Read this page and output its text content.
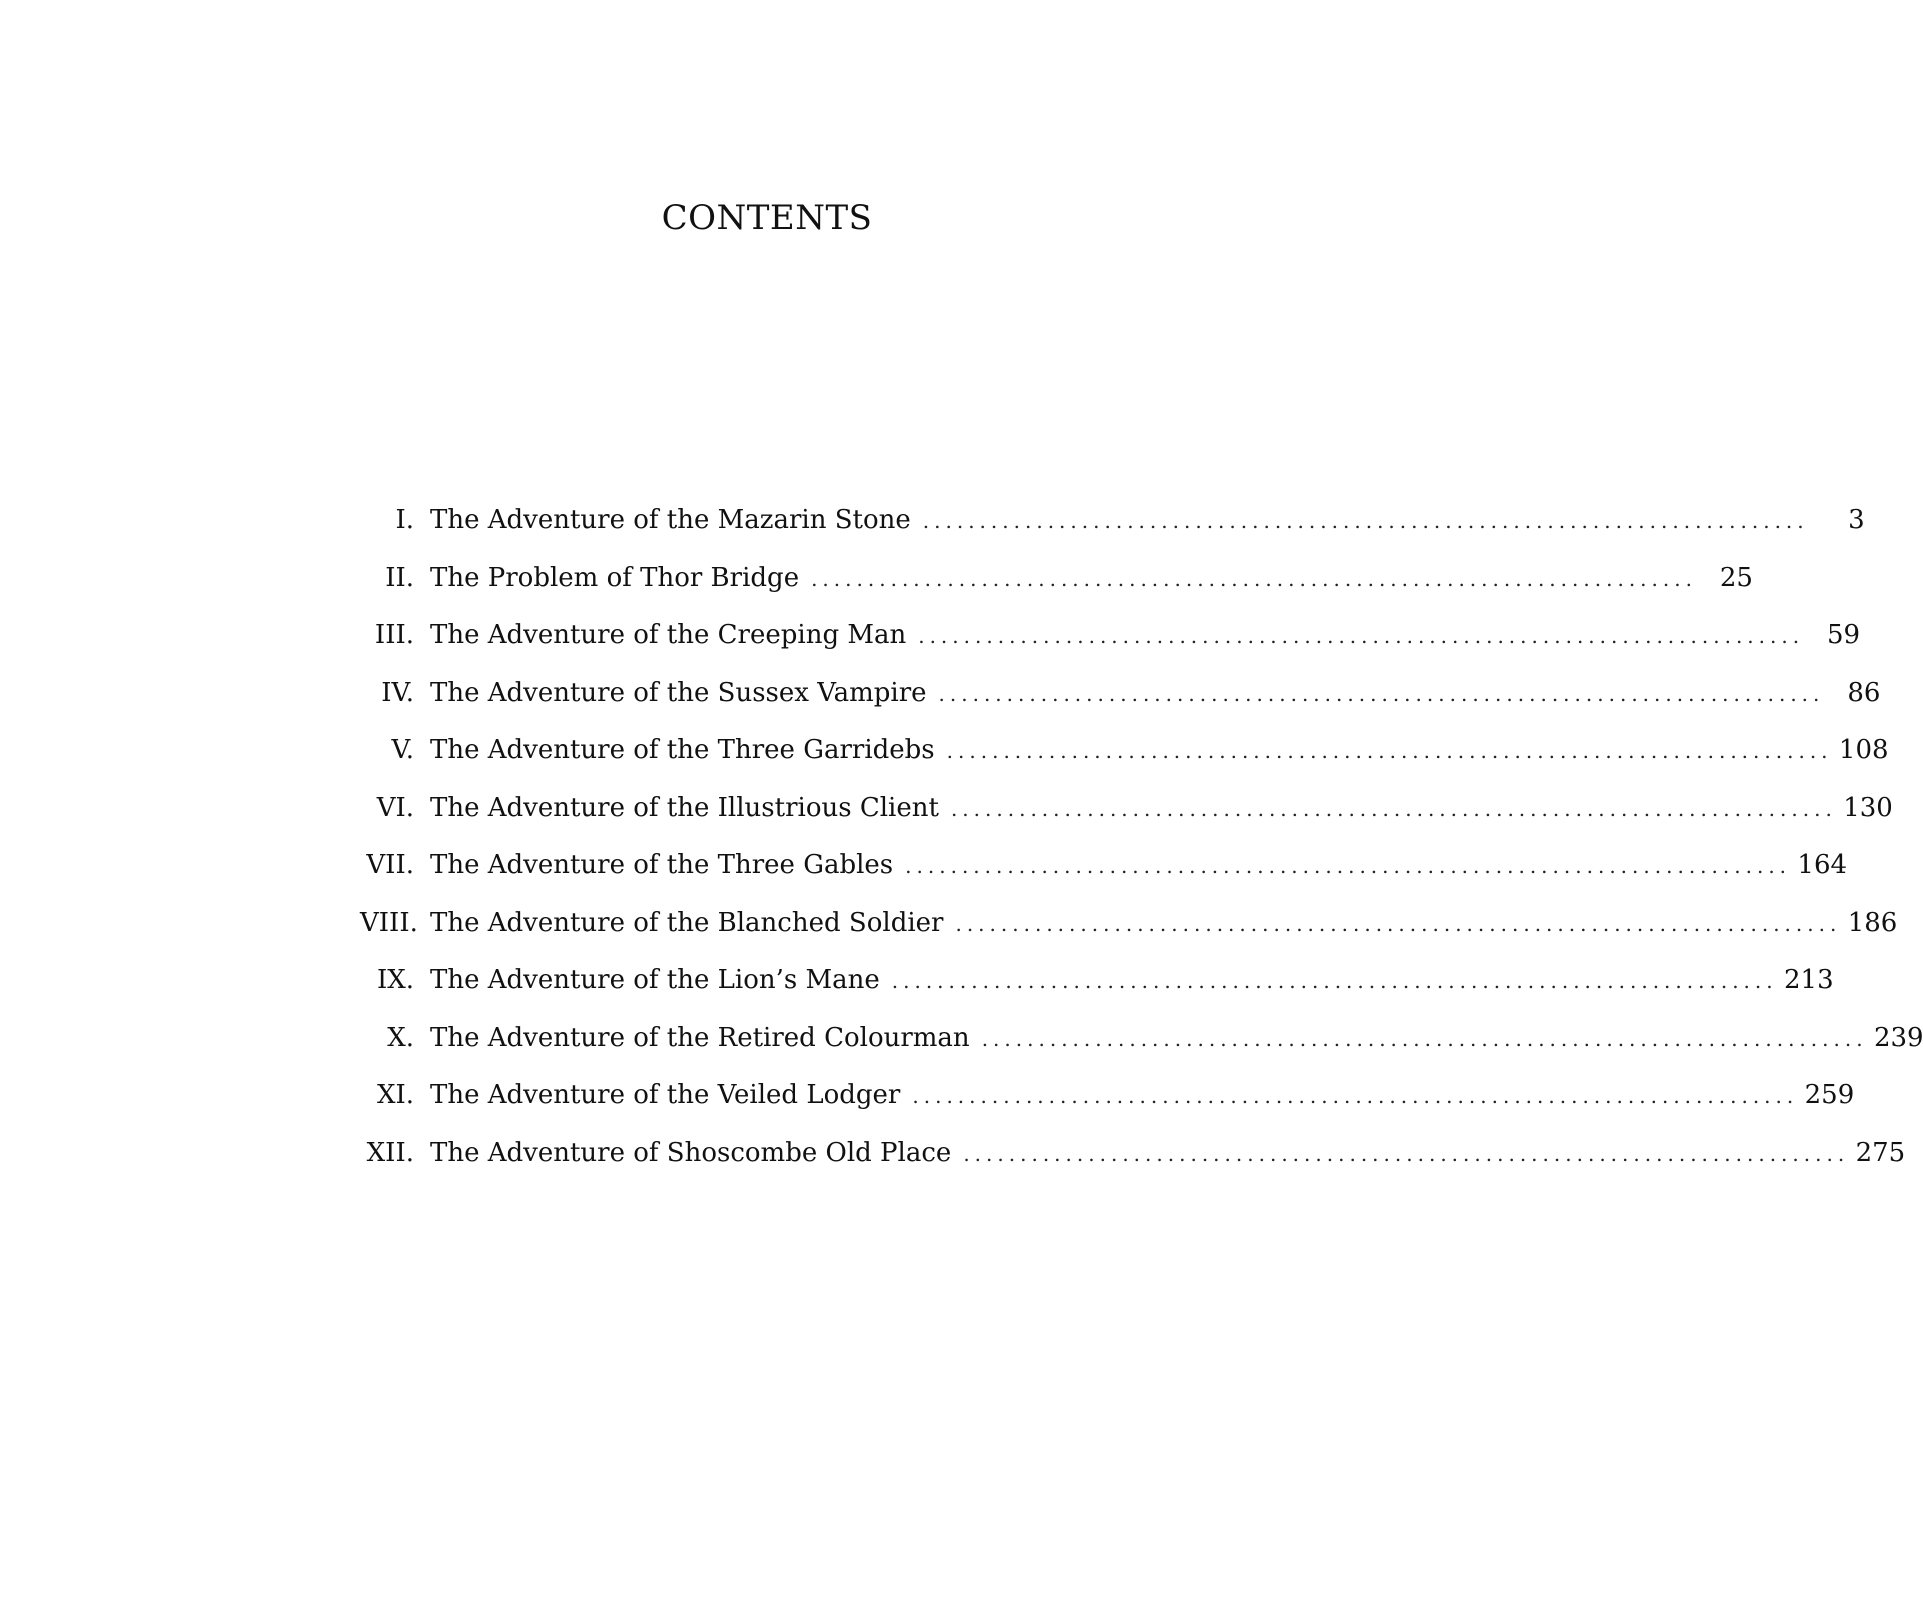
CONTENTS
I. The Adventure of the Mazarin Stone ..............................................................................	3
II. The Problem of Thor Bridge .............................................................................. 25
III. The Adventure of the Creeping Man .............................................................................. 59
IV. The Adventure of the Sussex Vampire .............................................................................. 86
V. The Adventure of the Three Garridebs .............................................................................. 108
VI. The Adventure of the Illustrious Client .............................................................................. 130
VII. The Adventure of the Three Gables .............................................................................. 164
VIII. The Adventure of the Blanched Soldier .............................................................................. 186
IX. The Adventure of the Lion’s Mane .............................................................................. 213
X. The Adventure of the Retired Colourman .............................................................................. 239
XI. The Adventure of the Veiled Lodger .............................................................................. 259
XII. The Adventure of Shoscombe Old Place .............................................................................. 275
